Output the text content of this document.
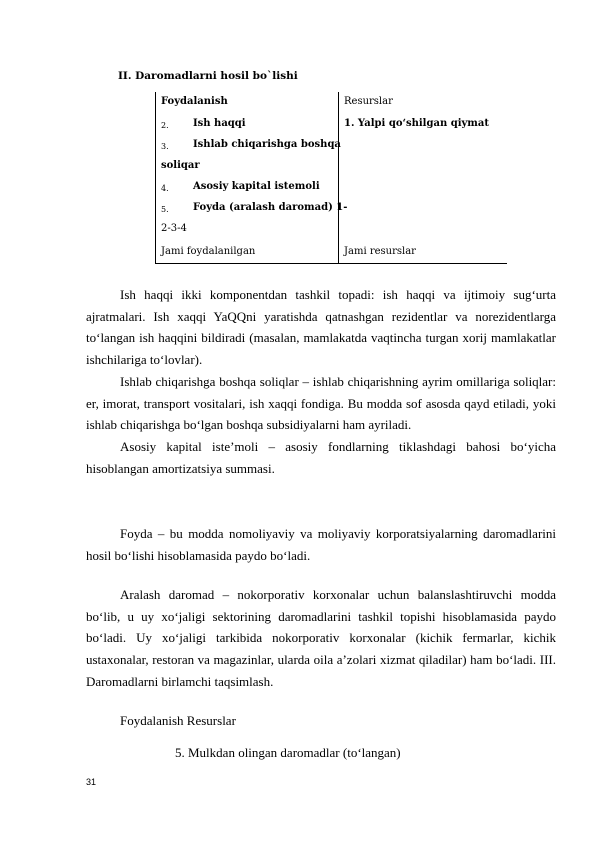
II. Daromadlarni hosil bo`lishi
Foydalanish	Resurslar
2. Ish haqqi
3. Ishlab chiqarishga boshqa
soliqar
4. Asosiy kapital istemoli
5. Foyda (aralash daromad) 1-
2-3-4
1. Yalpi qo‘shilgan qiymat
Jami foydalanilgan	Jami resurslar

Ish haqqi ikki komponentdan tashkil topadi: ish haqqi va ijtimoiy sug‘urta ajratmalari. Ish xaqqi YaQQni yaratishda qatnashgan rezidentlar va norezidentlarga to‘langan ish haqqini bildiradi (masalan, mamlakatda vaqtincha turgan xorij mamlakatlar ishchilariga to‘lovlar).

Ishlab chiqarishga boshqa soliqlar – ishlab chiqarishning ayrim omillariga soliqlar: er, imorat, transport vositalari, ish xaqqi fondiga. Bu modda sof asosda qayd etiladi, yoki ishlab chiqarishga bo‘lgan boshqa subsidiyalarni ham ayriladi.

Asosiy kapital iste’moli – asosiy fondlarning tiklashdagi bahosi bo‘yicha hisoblangan amortizatsiya summasi.

Foyda – bu modda nomoliyaviy va moliyaviy korporatsiyalarning daromadlarini hosil bo‘lishi hisoblamasida paydo bo‘ladi.

Aralash daromad – nokorporativ korxonalar uchun balanslashtiruvchi modda bo‘lib, u uy xo‘jaligi sektorining daromadlarini tashkil topishi hisoblamasida paydo bo‘ladi. Uy xo‘jaligi tarkibida nokorporativ korxonalar (kichik fermarlar, kichik ustaxonalar, restoran va magazinlar, ularda oila a’zolari xizmat qiladilar) ham bo‘ladi. III. Daromadlarni birlamchi taqsimlash.

Foydalanish Resurslar
5. Mulkdan olingan daromadlar (to‘langan)
31
